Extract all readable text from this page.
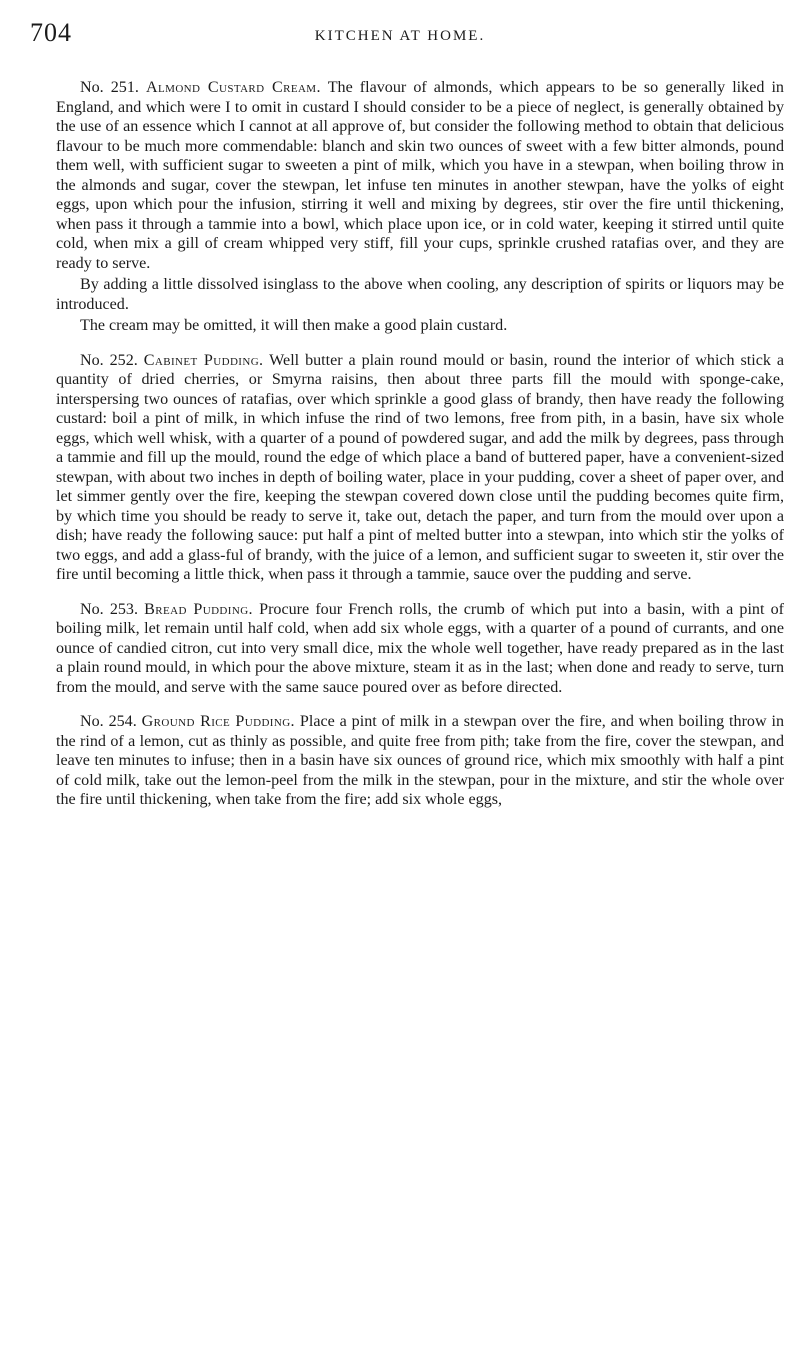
704	KITCHEN AT HOME.

No. 251. Almond Custard Cream. The flavour of almonds, which appears to be so generally liked in England, and which were I to omit in custard I should consider to be a piece of neglect, is generally obtained by the use of an essence which I cannot at all approve of, but consider the following method to obtain that delicious flavour to be much more commendable: blanch and skin two ounces of sweet with a few bitter almonds, pound them well, with sufficient sugar to sweeten a pint of milk, which you have in a stewpan, when boiling throw in the almonds and sugar, cover the stewpan, let infuse ten minutes in another stewpan, have the yolks of eight eggs, upon which pour the infusion, stirring it well and mixing by degrees, stir over the fire until thickening, when pass it through a tammie into a bowl, which place upon ice, or in cold water, keeping it stirred until quite cold, when mix a gill of cream whipped very stiff, fill your cups, sprinkle crushed ratafias over, and they are ready to serve.

By adding a little dissolved isinglass to the above when cooling, any description of spirits or liquors may be introduced.

The cream may be omitted, it will then make a good plain custard.

No. 252. Cabinet Pudding. Well butter a plain round mould or basin, round the interior of which stick a quantity of dried cherries, or Smyrna raisins, then about three parts fill the mould with sponge-cake, interspersing two ounces of ratafias, over which sprinkle a good glass of brandy, then have ready the following custard: boil a pint of milk, in which infuse the rind of two lemons, free from pith, in a basin, have six whole eggs, which well whisk, with a quarter of a pound of powdered sugar, and add the milk by degrees, pass through a tammie and fill up the mould, round the edge of which place a band of buttered paper, have a convenient-sized stewpan, with about two inches in depth of boiling water, place in your pudding, cover a sheet of paper over, and let simmer gently over the fire, keeping the stewpan covered down close until the pudding becomes quite firm, by which time you should be ready to serve it, take out, detach the paper, and turn from the mould over upon a dish; have ready the following sauce: put half a pint of melted butter into a stewpan, into which stir the yolks of two eggs, and add a glass-ful of brandy, with the juice of a lemon, and sufficient sugar to sweeten it, stir over the fire until becoming a little thick, when pass it through a tammie, sauce over the pudding and serve.

No. 253. Bread Pudding. Procure four French rolls, the crumb of which put into a basin, with a pint of boiling milk, let remain until half cold, when add six whole eggs, with a quarter of a pound of currants, and one ounce of candied citron, cut into very small dice, mix the whole well together, have ready prepared as in the last a plain round mould, in which pour the above mixture, steam it as in the last; when done and ready to serve, turn from the mould, and serve with the same sauce poured over as before directed.

No. 254. Ground Rice Pudding. Place a pint of milk in a stewpan over the fire, and when boiling throw in the rind of a lemon, cut as thinly as possible, and quite free from pith; take from the fire, cover the stewpan, and leave ten minutes to infuse; then in a basin have six ounces of ground rice, which mix smoothly with half a pint of cold milk, take out the lemon-peel from the milk in the stewpan, pour in the mixture, and stir the whole over the fire until thickening, when take from the fire; add six whole eggs,
